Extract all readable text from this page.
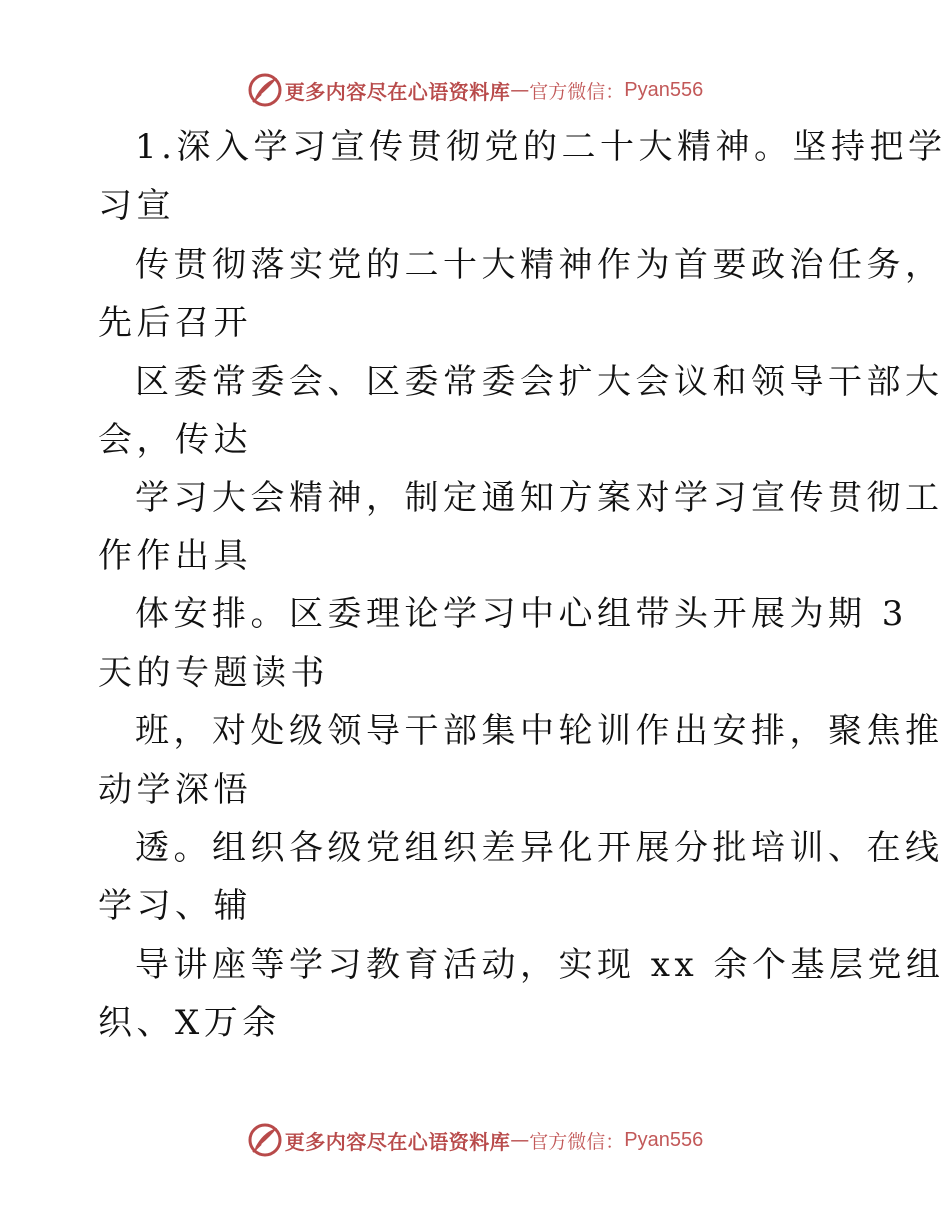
更多内容尽在心语资料库 — 官方微信： Pyan556
1.深入学习宣传贯彻党的二十大精神。坚持把学
习宣
传贯彻落实党的二十大精神作为首要政治任务，
先后召开
区委常委会、区委常委会扩大会议和领导干部大
会，传达
学习大会精神，制定通知方案对学习宣传贯彻工
作作出具
体安排。区委理论学习中心组带头开展为期 3
天的专题读书
班，对处级领导干部集中轮训作出安排，聚焦推
动学深悟
透。组织各级党组织差异化开展分批培训、在线
学习、辅
导讲座等学习教育活动，实现 xx 余个基层党组
织、X万余
更多内容尽在心语资料库 — 官方微信： Pyan556
